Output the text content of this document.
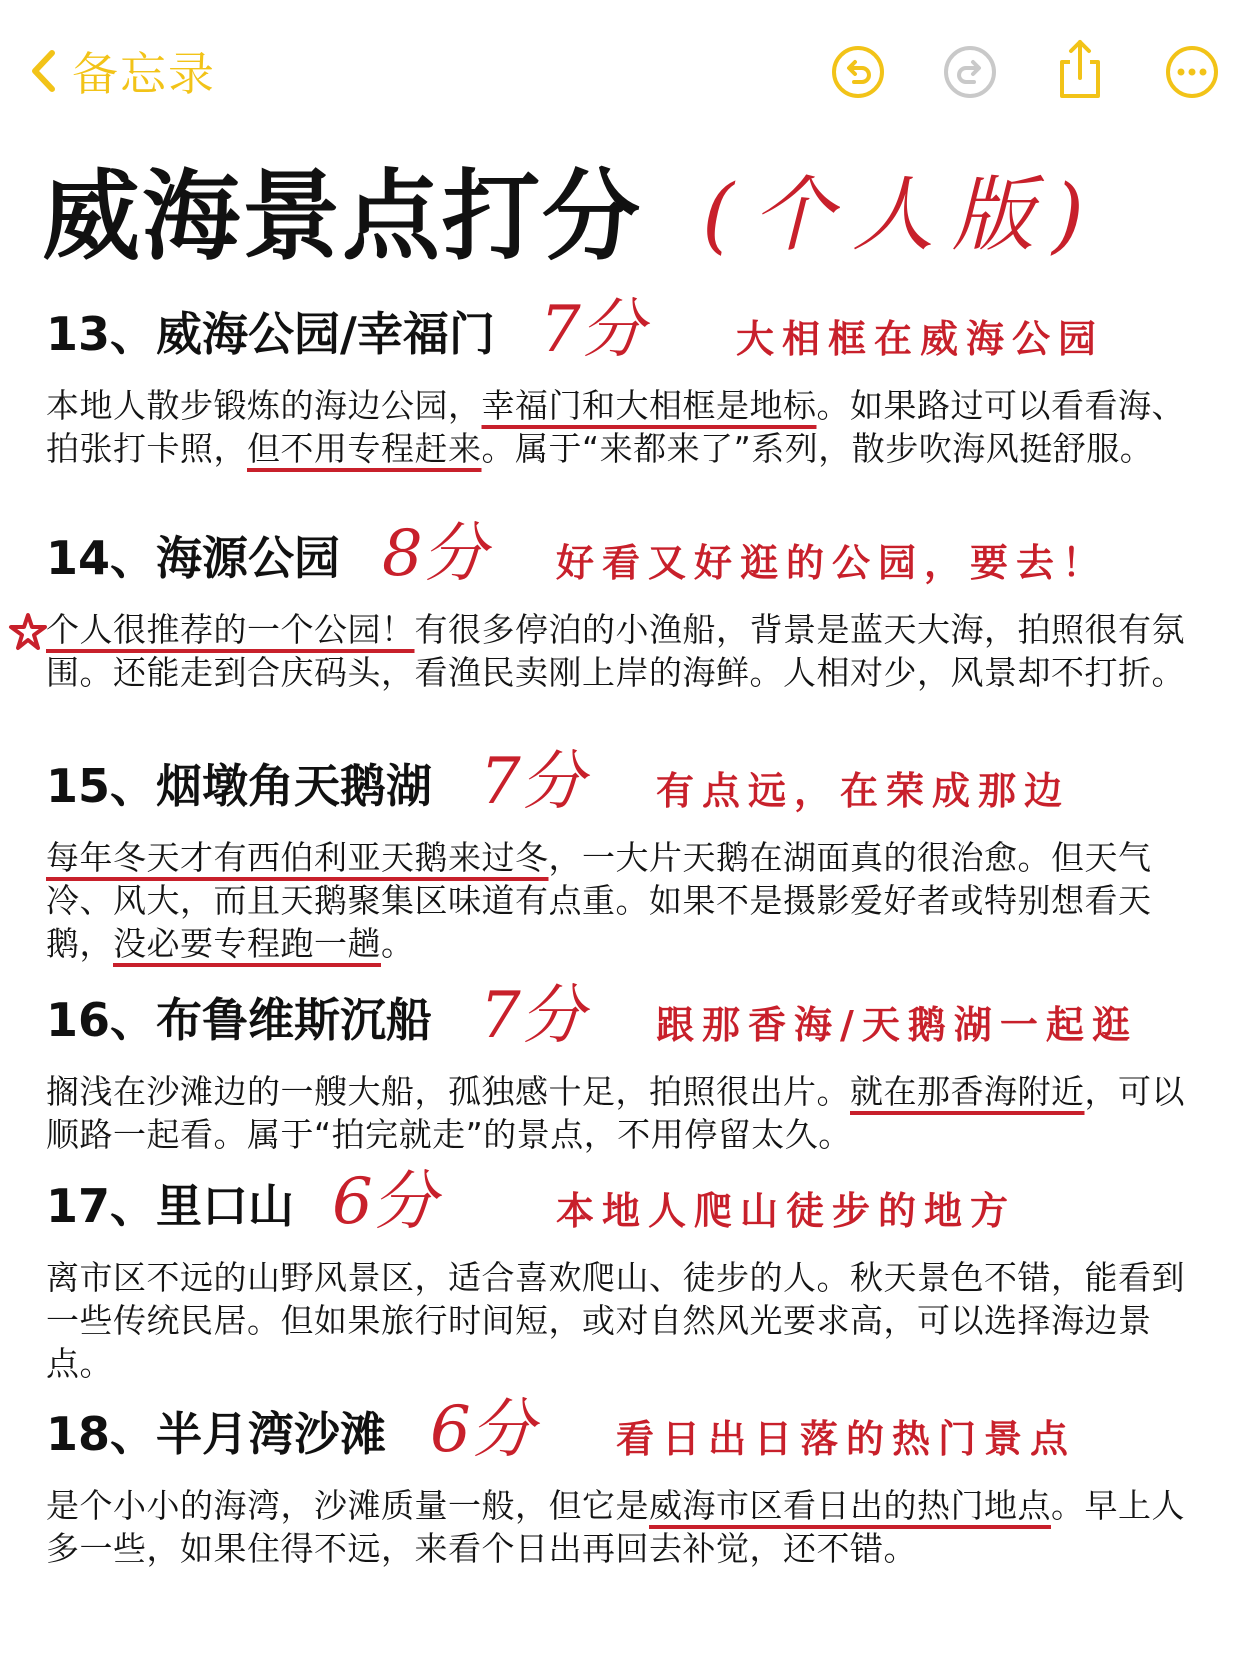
备忘录
威海景点打分 (个人版)
13、威海公园/幸福门 7分 大相框在威海公园
本地人散步锻炼的海边公园，幸福门和大相框是地标。如果路过可以看看海、拍张打卡照，但不用专程赶来。属于“来都来了”系列，散步吹海风挺舒服。
14、海源公园 8分 好看又好逛的公园，要去！
个人很推荐的一个公园！有很多停泊的小渔船，背景是蓝天大海，拍照很有氛围。还能走到合庆码头，看渔民卖刚上岸的海鲜。人相对少，风景却不打折。
15、烟墩角天鹅湖 7分 有点远，在荣成那边
每年冬天才有西伯利亚天鹅来过冬，一大片天鹅在湖面真的很治愈。但天气冷、风大，而且天鹅聚集区味道有点重。如果不是摄影爱好者或特别想看天鹅，没必要专程跑一趟。
16、布鲁维斯沉船 7分 跟那香海/天鹅湖一起逛
搁浅在沙滩边的一艘大船，孤独感十足，拍照很出片。就在那香海附近，可以顺路一起看。属于“拍完就走”的景点，不用停留太久。
17、里口山 6分	本地人爬山徒步的地方
离市区不远的山野风景区，适合喜欢爬山、徒步的人。秋天景色不错，能看到一些传统民居。但如果旅行时间短，或对自然风光要求高，可以选择海边景点。
18、半月湾沙滩 6分 看日出日落的热门景点
是个小小的海湾，沙滩质量一般，但它是威海市区看日出的热门地点。早上人多一些，如果住得不远，来看个日出再回去补觉，还不错。
